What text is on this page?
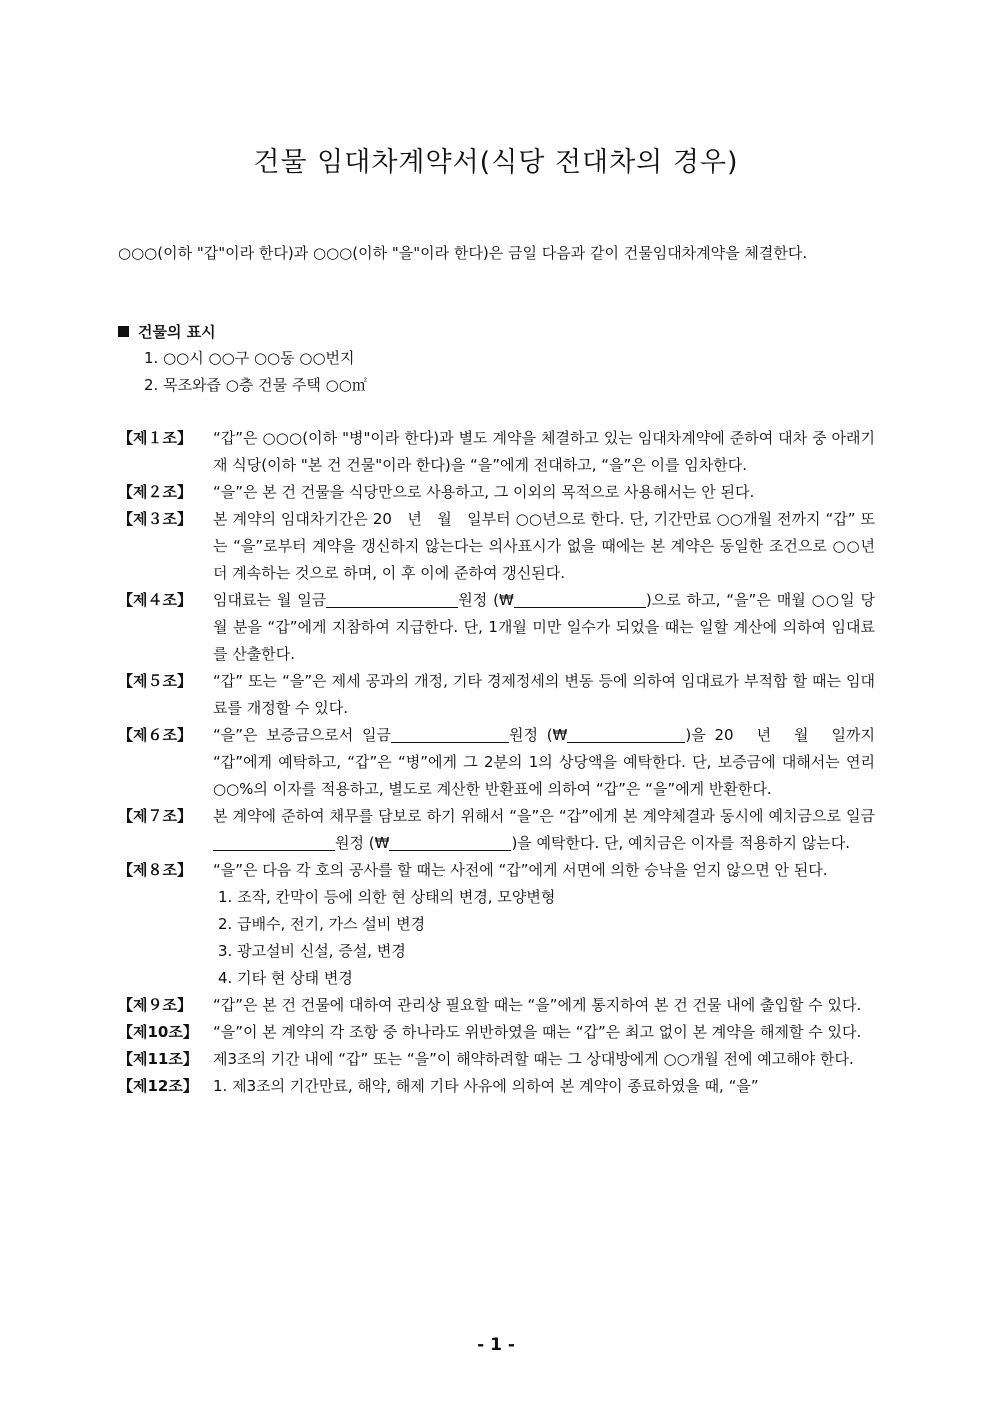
건물 임대차계약서(식당 전대차의 경우)
○○○(이하 "갑"이라 한다)과 ○○○(이하 "을"이라 한다)은 금일 다음과 같이 건물임대차계약을 체결한다.
건물의 표시
1. ○○시 ○○구 ○○동 ○○번지
2. 목조와즙 ○층 건물 주택 ○○㎡
【제１조】	“갑”은 ○○○(이하 "병"이라 한다)과 별도 계약을 체결하고 있는 임대차계약에 준하여 대차 중 아래기재 식당(이하 "본 건 건물"이라 한다)을 “을”에게 전대하고, “을”은 이를 임차한다.
【제２조】	“을”은 본 건 건물을 식당만으로 사용하고, 그 이외의 목적으로 사용해서는 안 된다.
【제３조】	본 계약의 임대차기간은 20　년　월　일부터 ○○년으로 한다. 단, 기간만료 ○○개월 전까지 “갑” 또는 “을”로부터 계약을 갱신하지 않는다는 의사표시가 없을 때에는 본 계약은 동일한 조건으로 ○○년 더 계속하는 것으로 하며, 이 후 이에 준하여 갱신된다.
【제４조】	임대료는 월 일금	원정 (₩	)으로 하고, “을”은 매월 ○○일 당월 분을 “갑”에게 지참하여 지급한다. 단, 1개월 미만 일수가 되었을 때는 일할 계산에 의하여 임대료를 산출한다.
【제５조】	“갑” 또는 “을”은 제세 공과의 개정, 기타 경제정세의 변동 등에 의하여 임대료가 부적합 할 때는 임대료를 개정할 수 있다.
【제６조】	“을”은 보증금으로서 일금	원정 (₩	)을 20　년　월　일까지 “갑”에게 예탁하고, “갑”은 “병”에게 그 2분의 1의 상당액을 예탁한다. 단, 보증금에 대해서는 연리 ○○%의 이자를 적용하고, 별도로 계산한 반환표에 의하여 “갑”은 “을”에게 반환한다.
【제７조】	본 계약에 준하여 채무를 담보로 하기 위해서 “을”은 “갑”에게 본 계약체결과 동시에 예치금으로 일금원정 (₩	)을 예탁한다. 단, 예치금은 이자를 적용하지 않는다.
【제８조】	“을”은 다음 각 호의 공사를 할 때는 사전에 “갑”에게 서면에 의한 승낙을 얻지 않으면 안 된다.
1. 조작, 칸막이 등에 의한 현 상태의 변경, 모양변형
2. 급배수, 전기, 가스 설비 변경
3. 광고설비 신설, 증설, 변경
4. 기타 현 상태 변경
【제９조】	“갑”은 본 건 건물에 대하여 관리상 필요할 때는 “을”에게 통지하여 본 건 건물 내에 출입할 수 있다.
【제10조】	“을”이 본 계약의 각 조항 중 하나라도 위반하였을 때는 “갑”은 최고 없이 본 계약을 해제할 수 있다.
【제11조】	제3조의 기간 내에 “갑” 또는 “을”이 해약하려할 때는 그 상대방에게 ○○개월 전에 예고해야 한다.
【제12조】	1. 제3조의 기간만료, 해약, 해제 기타 사유에 의하여 본 계약이 종료하였을 때, “을”
- 1 -
